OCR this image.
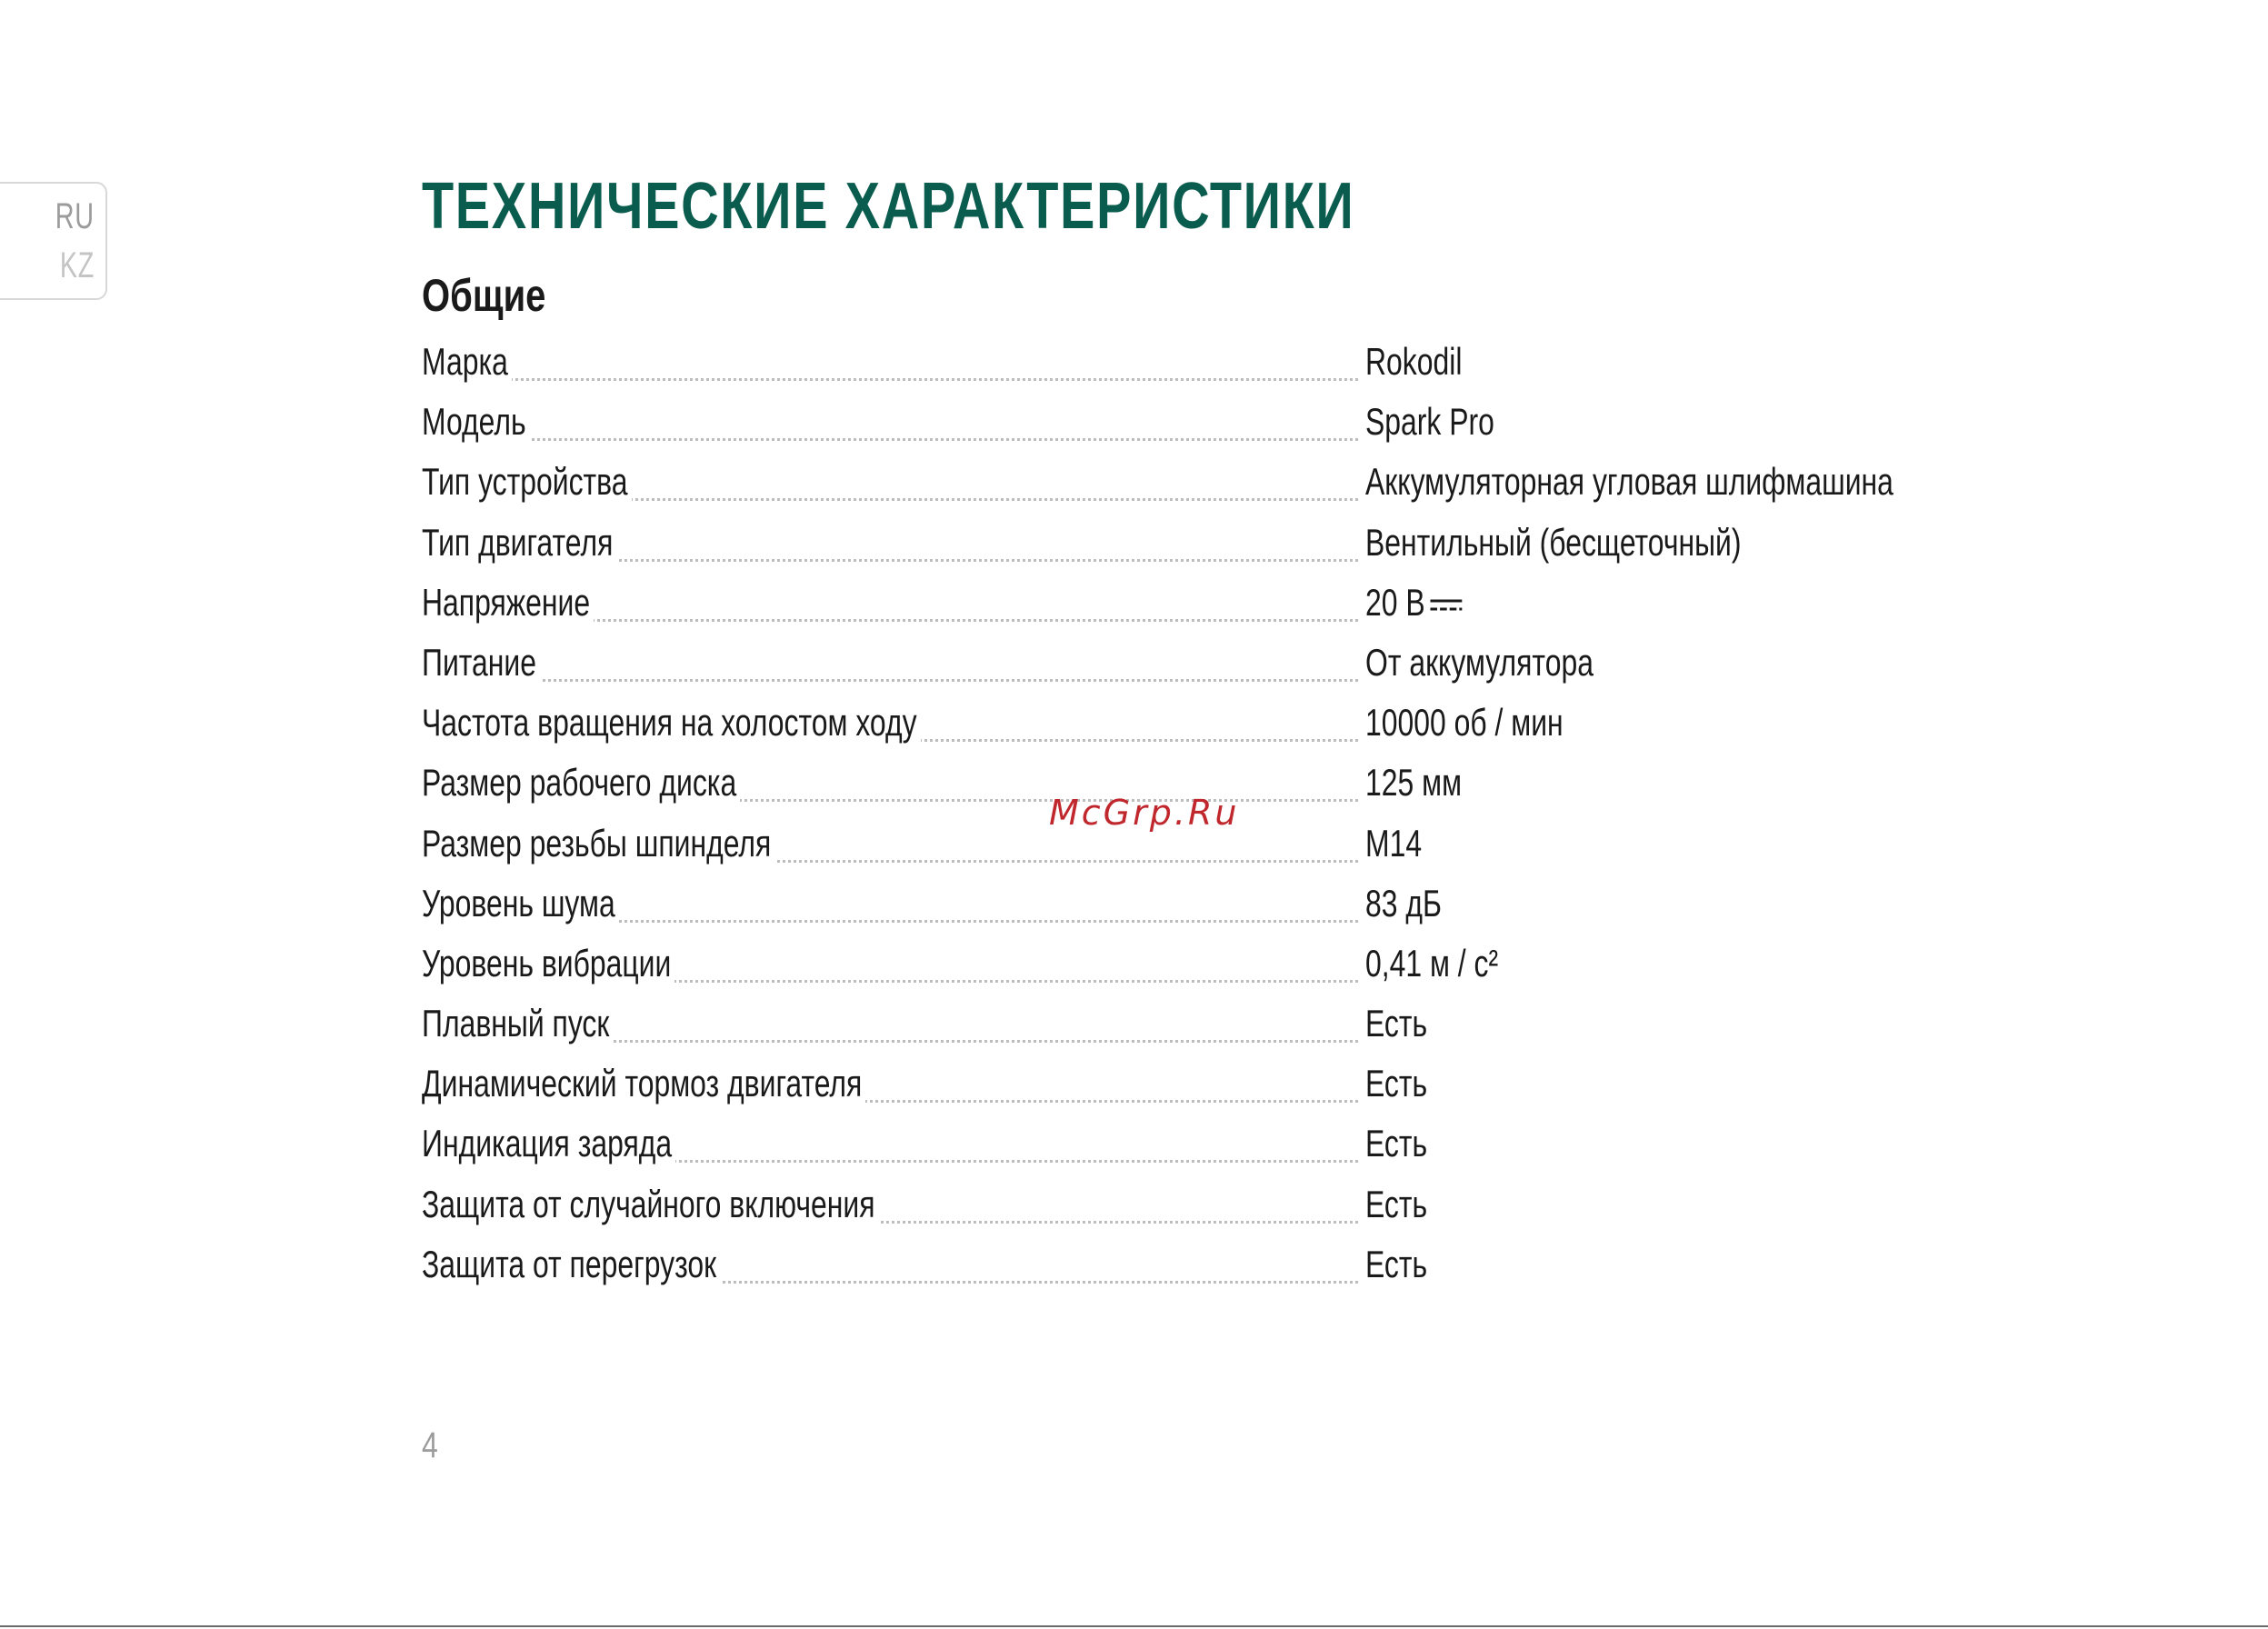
RU
KZ
ТЕХНИЧЕСКИЕ ХАРАКТЕРИСТИКИ
Общие
Марка	Rokodil
Модель	Spark Pro
Тип устройства	Аккумуляторная угловая шлифмашина
Тип двигателя	Вентильный (бесщеточный)
Напряжение	20 В
Питание	От аккумулятора
Частота вращения на холостом ходу	10000 об / мин
Размер рабочего диска	125 мм
Размер резьбы шпинделя	M14
Уровень шума	83 дБ
Уровень вибрации	0,41 м / с²
Плавный пуск	Есть
Динамический тормоз двигателя	Есть
Индикация заряда	Есть
Защита от случайного включения	Есть
Защита от перегрузок	Есть
McGrp.Ru
4
